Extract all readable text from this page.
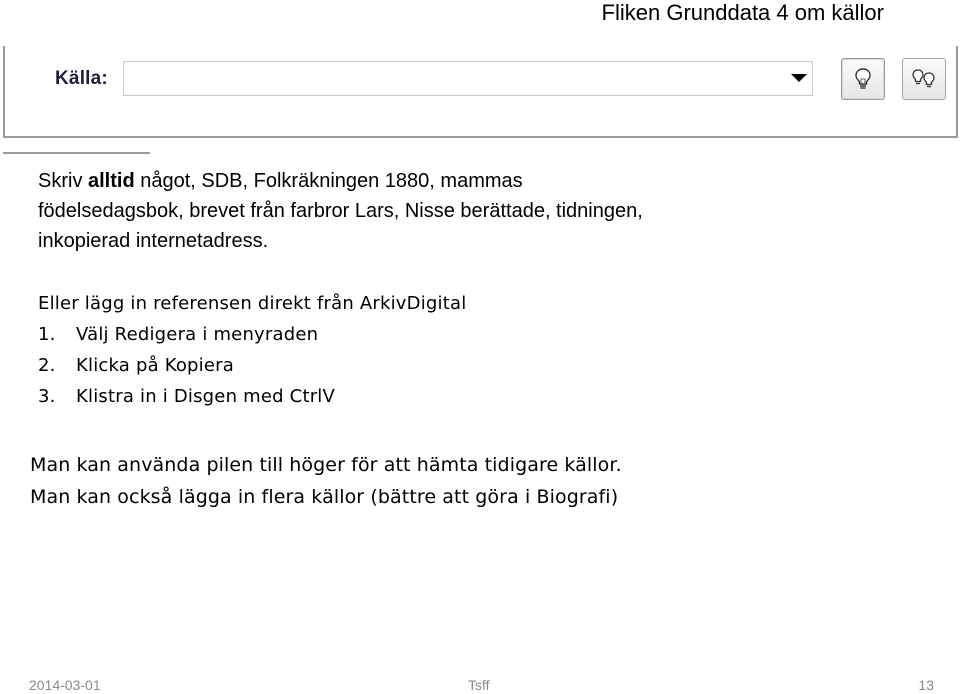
Fliken Grunddata 4 om källor
Källa:
Skriv alltid något, SDB, Folkräkningen 1880, mammas
födelsedagsbok, brevet från farbror Lars, Nisse berättade, tidningen,
inkopierad internetadress.
Eller lägg in referensen direkt från ArkivDigital
1. Välj Redigera i menyraden
2. Klicka på Kopiera
3. Klistra in i Disgen med CtrlV
Man kan använda pilen till höger för att hämta tidigare källor.
Man kan också lägga in flera källor (bättre att göra i Biografi)
2014-03-01	Tsff	13
